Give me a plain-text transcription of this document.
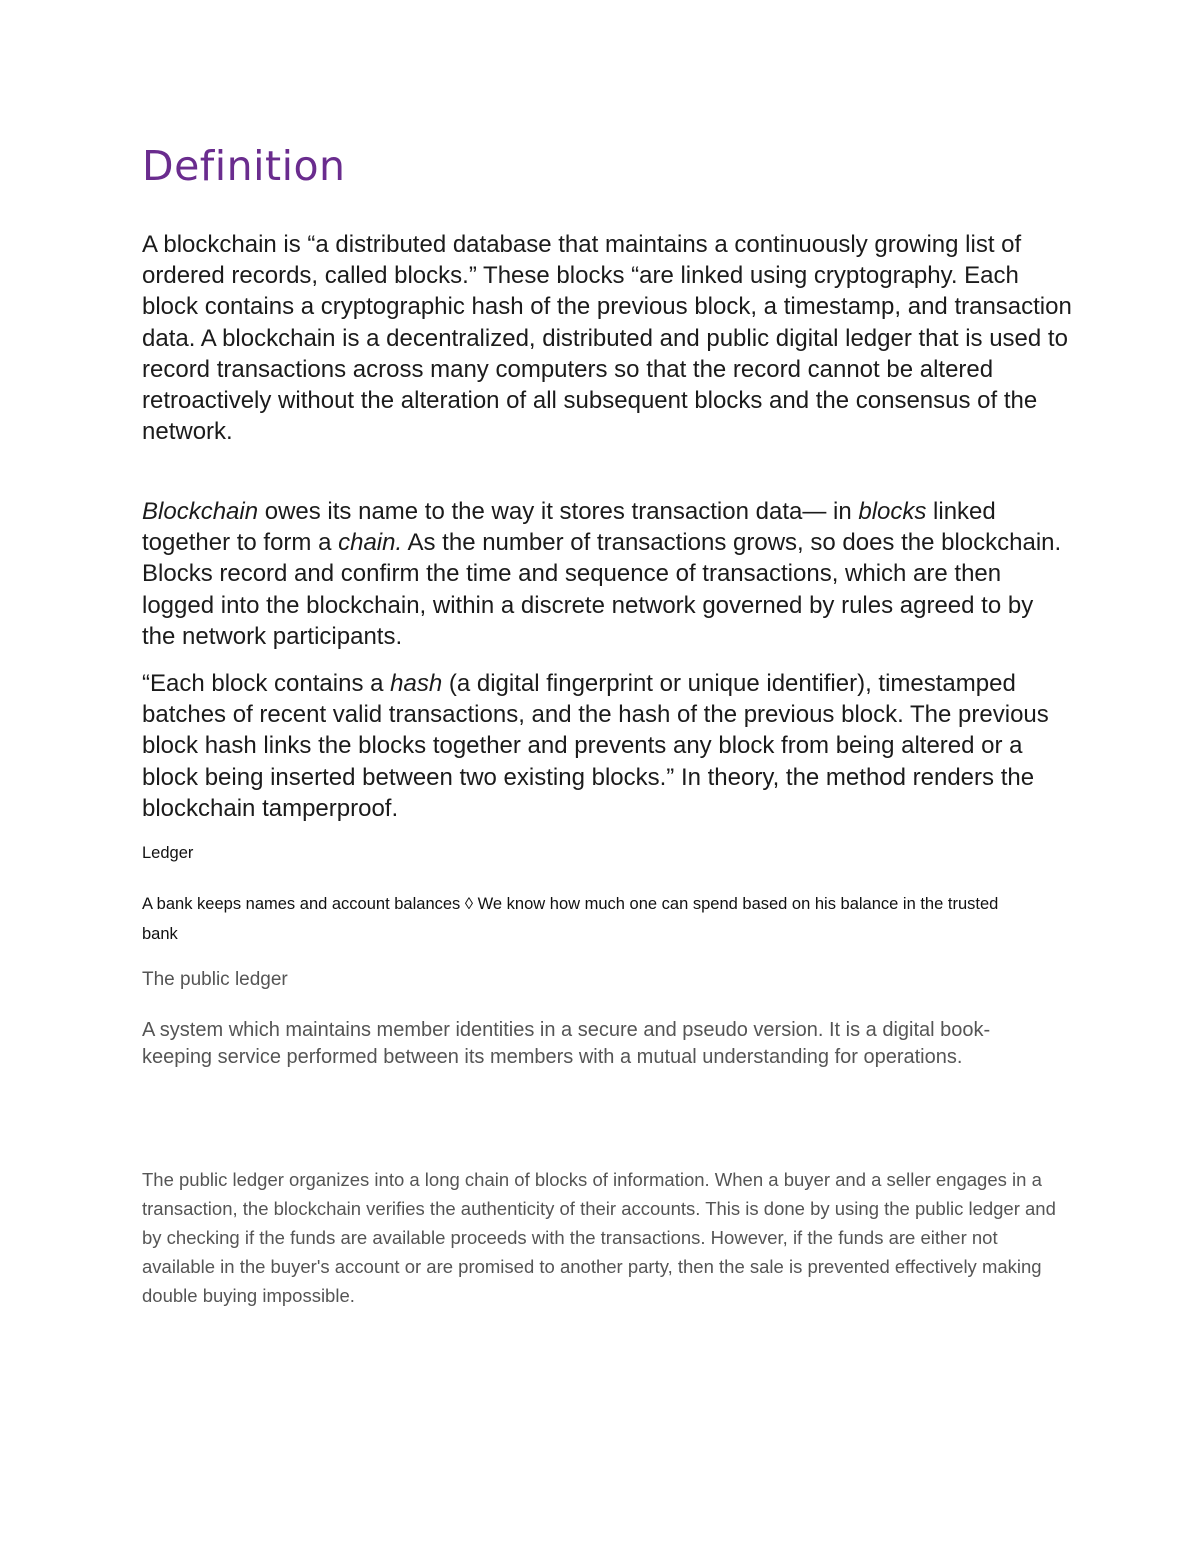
Definition

A blockchain is “a distributed database that maintains a continuously growing list of ordered records, called blocks.” These blocks “are linked using cryptography. Each block contains a cryptographic hash of the previous block, a timestamp, and transaction data. A blockchain is a decentralized, distributed and public digital ledger that is used to record transactions across many computers so that the record cannot be altered retroactively without the alteration of all subsequent blocks and the consensus of the network.

Blockchain owes its name to the way it stores transaction data— in blocks linked together to form a chain. As the number of transactions grows, so does the blockchain. Blocks record and confirm the time and sequence of transactions, which are then logged into the blockchain, within a discrete network governed by rules agreed to by the network participants.

“Each block contains a hash (a digital fingerprint or unique identifier), timestamped batches of recent valid transactions, and the hash of the previous block. The previous block hash links the blocks together and prevents any block from being altered or a block being inserted between two existing blocks.” In theory, the method renders the blockchain tamperproof.

Ledger

A bank keeps names and account balances ◊ We know how much one can spend based on his balance in the trusted bank

The public ledger

A system which maintains member identities in a secure and pseudo version. It is a digital book-keeping service performed between its members with a mutual understanding for operations.

The public ledger organizes into a long chain of blocks of information. When a buyer and a seller engages in a transaction, the blockchain verifies the authenticity of their accounts. This is done by using the public ledger and by checking if the funds are available proceeds with the transactions. However, if the funds are either not available in the buyer's account or are promised to another party, then the sale is prevented effectively making double buying impossible.
